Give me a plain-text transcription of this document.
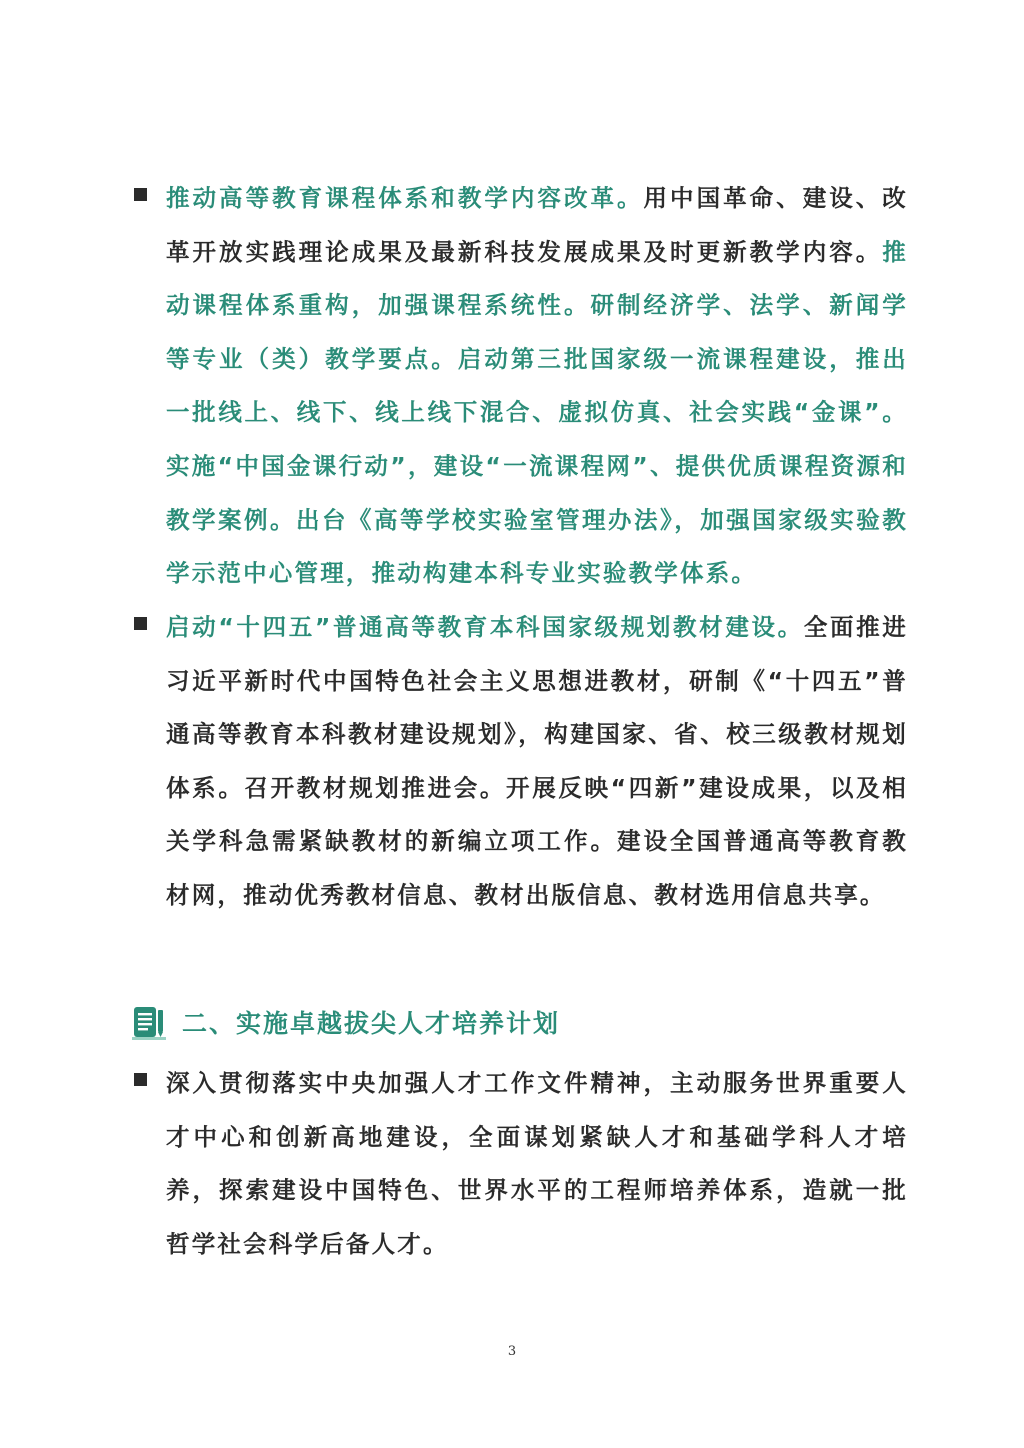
推动高等教育课程体系和教学内容改革。用中国革命、建设、改革开放实践理论成果及最新科技发展成果及时更新教学内容。推动课程体系重构，加强课程系统性。研制经济学、法学、新闻学等专业（类）教学要点。启动第三批国家级一流课程建设，推出一批线上、线下、线上线下混合、虚拟仿真、社会实践“金课”。实施“中国金课行动”，建设“一流课程网”、提供优质课程资源和教学案例。出台《高等学校实验室管理办法》，加强国家级实验教学示范中心管理，推动构建本科专业实验教学体系。
启动“十四五”普通高等教育本科国家级规划教材建设。全面推进习近平新时代中国特色社会主义思想进教材，研制《“十四五”普通高等教育本科教材建设规划》，构建国家、省、校三级教材规划体系。召开教材规划推进会。开展反映“四新”建设成果，以及相关学科急需紧缺教材的新编立项工作。建设全国普通高等教育教材网，推动优秀教材信息、教材出版信息、教材选用信息共享。
二、实施卓越拔尖人才培养计划
深入贯彻落实中央加强人才工作文件精神，主动服务世界重要人才中心和创新高地建设，全面谋划紧缺人才和基础学科人才培养，探索建设中国特色、世界水平的工程师培养体系，造就一批哲学社会科学后备人才。
3
